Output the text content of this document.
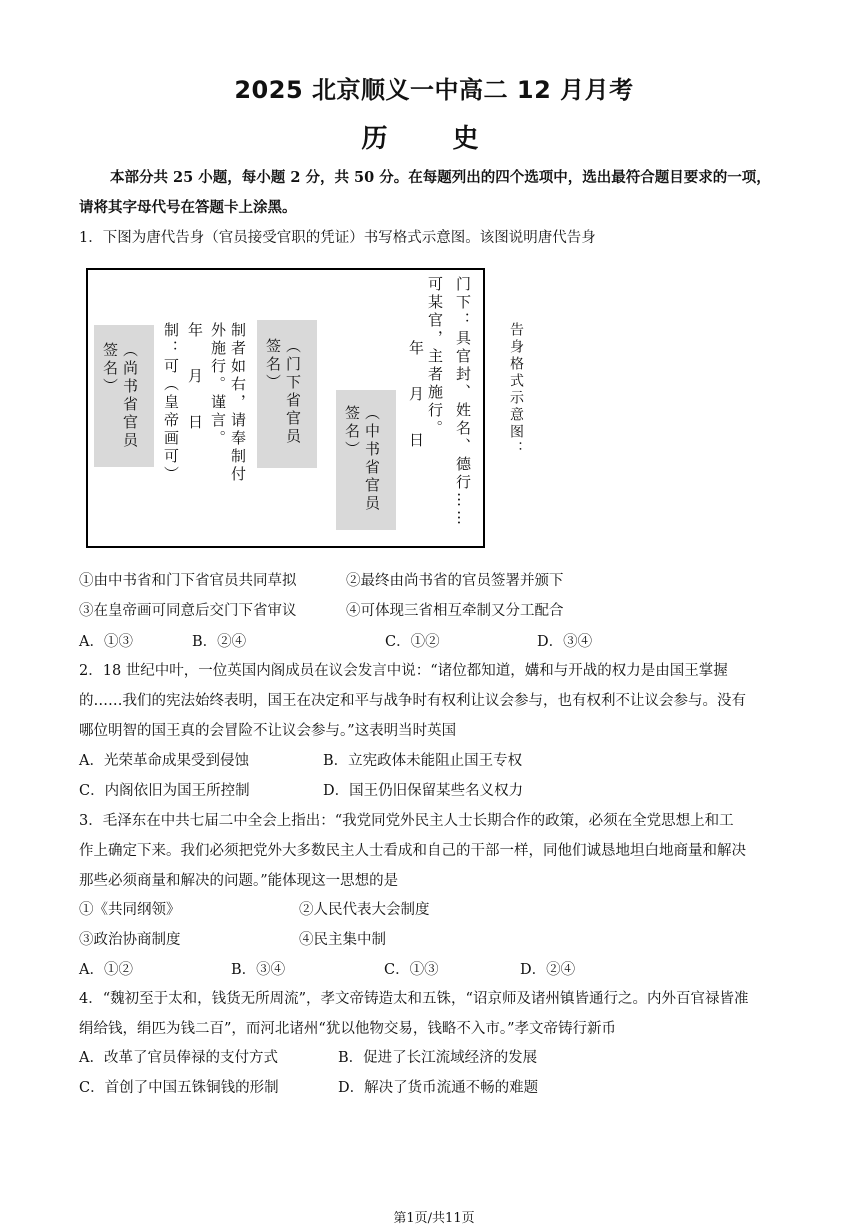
2025 北京顺义一中高二 12 月月考
历 史
本部分共 25 小题，每小题 2 分，共 50 分。在每题列出的四个选项中，选出最符合题目要求的一项，
请将其字母代号在答题卡上涂黑。
1．下图为唐代告身（官员接受官职的凭证）书写格式示意图。该图说明唐代告身
门下：具官封、姓名、德行……
可某官，主者施行。
年　月　日
（中书省官员签名）
（门下省官员签名）
制者如右，请奉制付外施行。谨言。
年　月　日
制：可（皇帝画可）
（尚书省官员签名）	告身格式示意图：
①由中书省和门下省官员共同草拟	②最终由尚书省的官员签署并颁下
③在皇帝画可同意后交门下省审议	④可体现三省相互牵制又分工配合
A．①③	B．②④	C．①②	D．③④
2．18 世纪中叶，一位英国内阁成员在议会发言中说：“诸位都知道，媾和与开战的权力是由国王掌握
的……我们的宪法始终表明，国王在决定和平与战争时有权利让议会参与，也有权利不让议会参与。没有
哪位明智的国王真的会冒险不让议会参与。”这表明当时英国
A．光荣革命成果受到侵蚀	B．立宪政体未能阻止国王专权
C．内阁依旧为国王所控制	D．国王仍旧保留某些名义权力
3．毛泽东在中共七届二中全会上指出：“我党同党外民主人士长期合作的政策，必须在全党思想上和工
作上确定下来。我们必须把党外大多数民主人士看成和自己的干部一样，同他们诚恳地坦白地商量和解决
那些必须商量和解决的问题。”能体现这一思想的是
①《共同纲领》	②人民代表大会制度
③政治协商制度	④民主集中制
A．①②	B．③④	C．①③	D．②④
4．“魏初至于太和，钱货无所周流”，孝文帝铸造太和五铢，“诏京师及诸州镇皆通行之。内外百官禄皆准
绢给钱，绢匹为钱二百”，而河北诸州“犹以他物交易，钱略不入市。”孝文帝铸行新币
A．改革了官员俸禄的支付方式	B．促进了长江流域经济的发展
C．首创了中国五铢铜钱的形制	D．解决了货币流通不畅的难题
第1页/共11页
